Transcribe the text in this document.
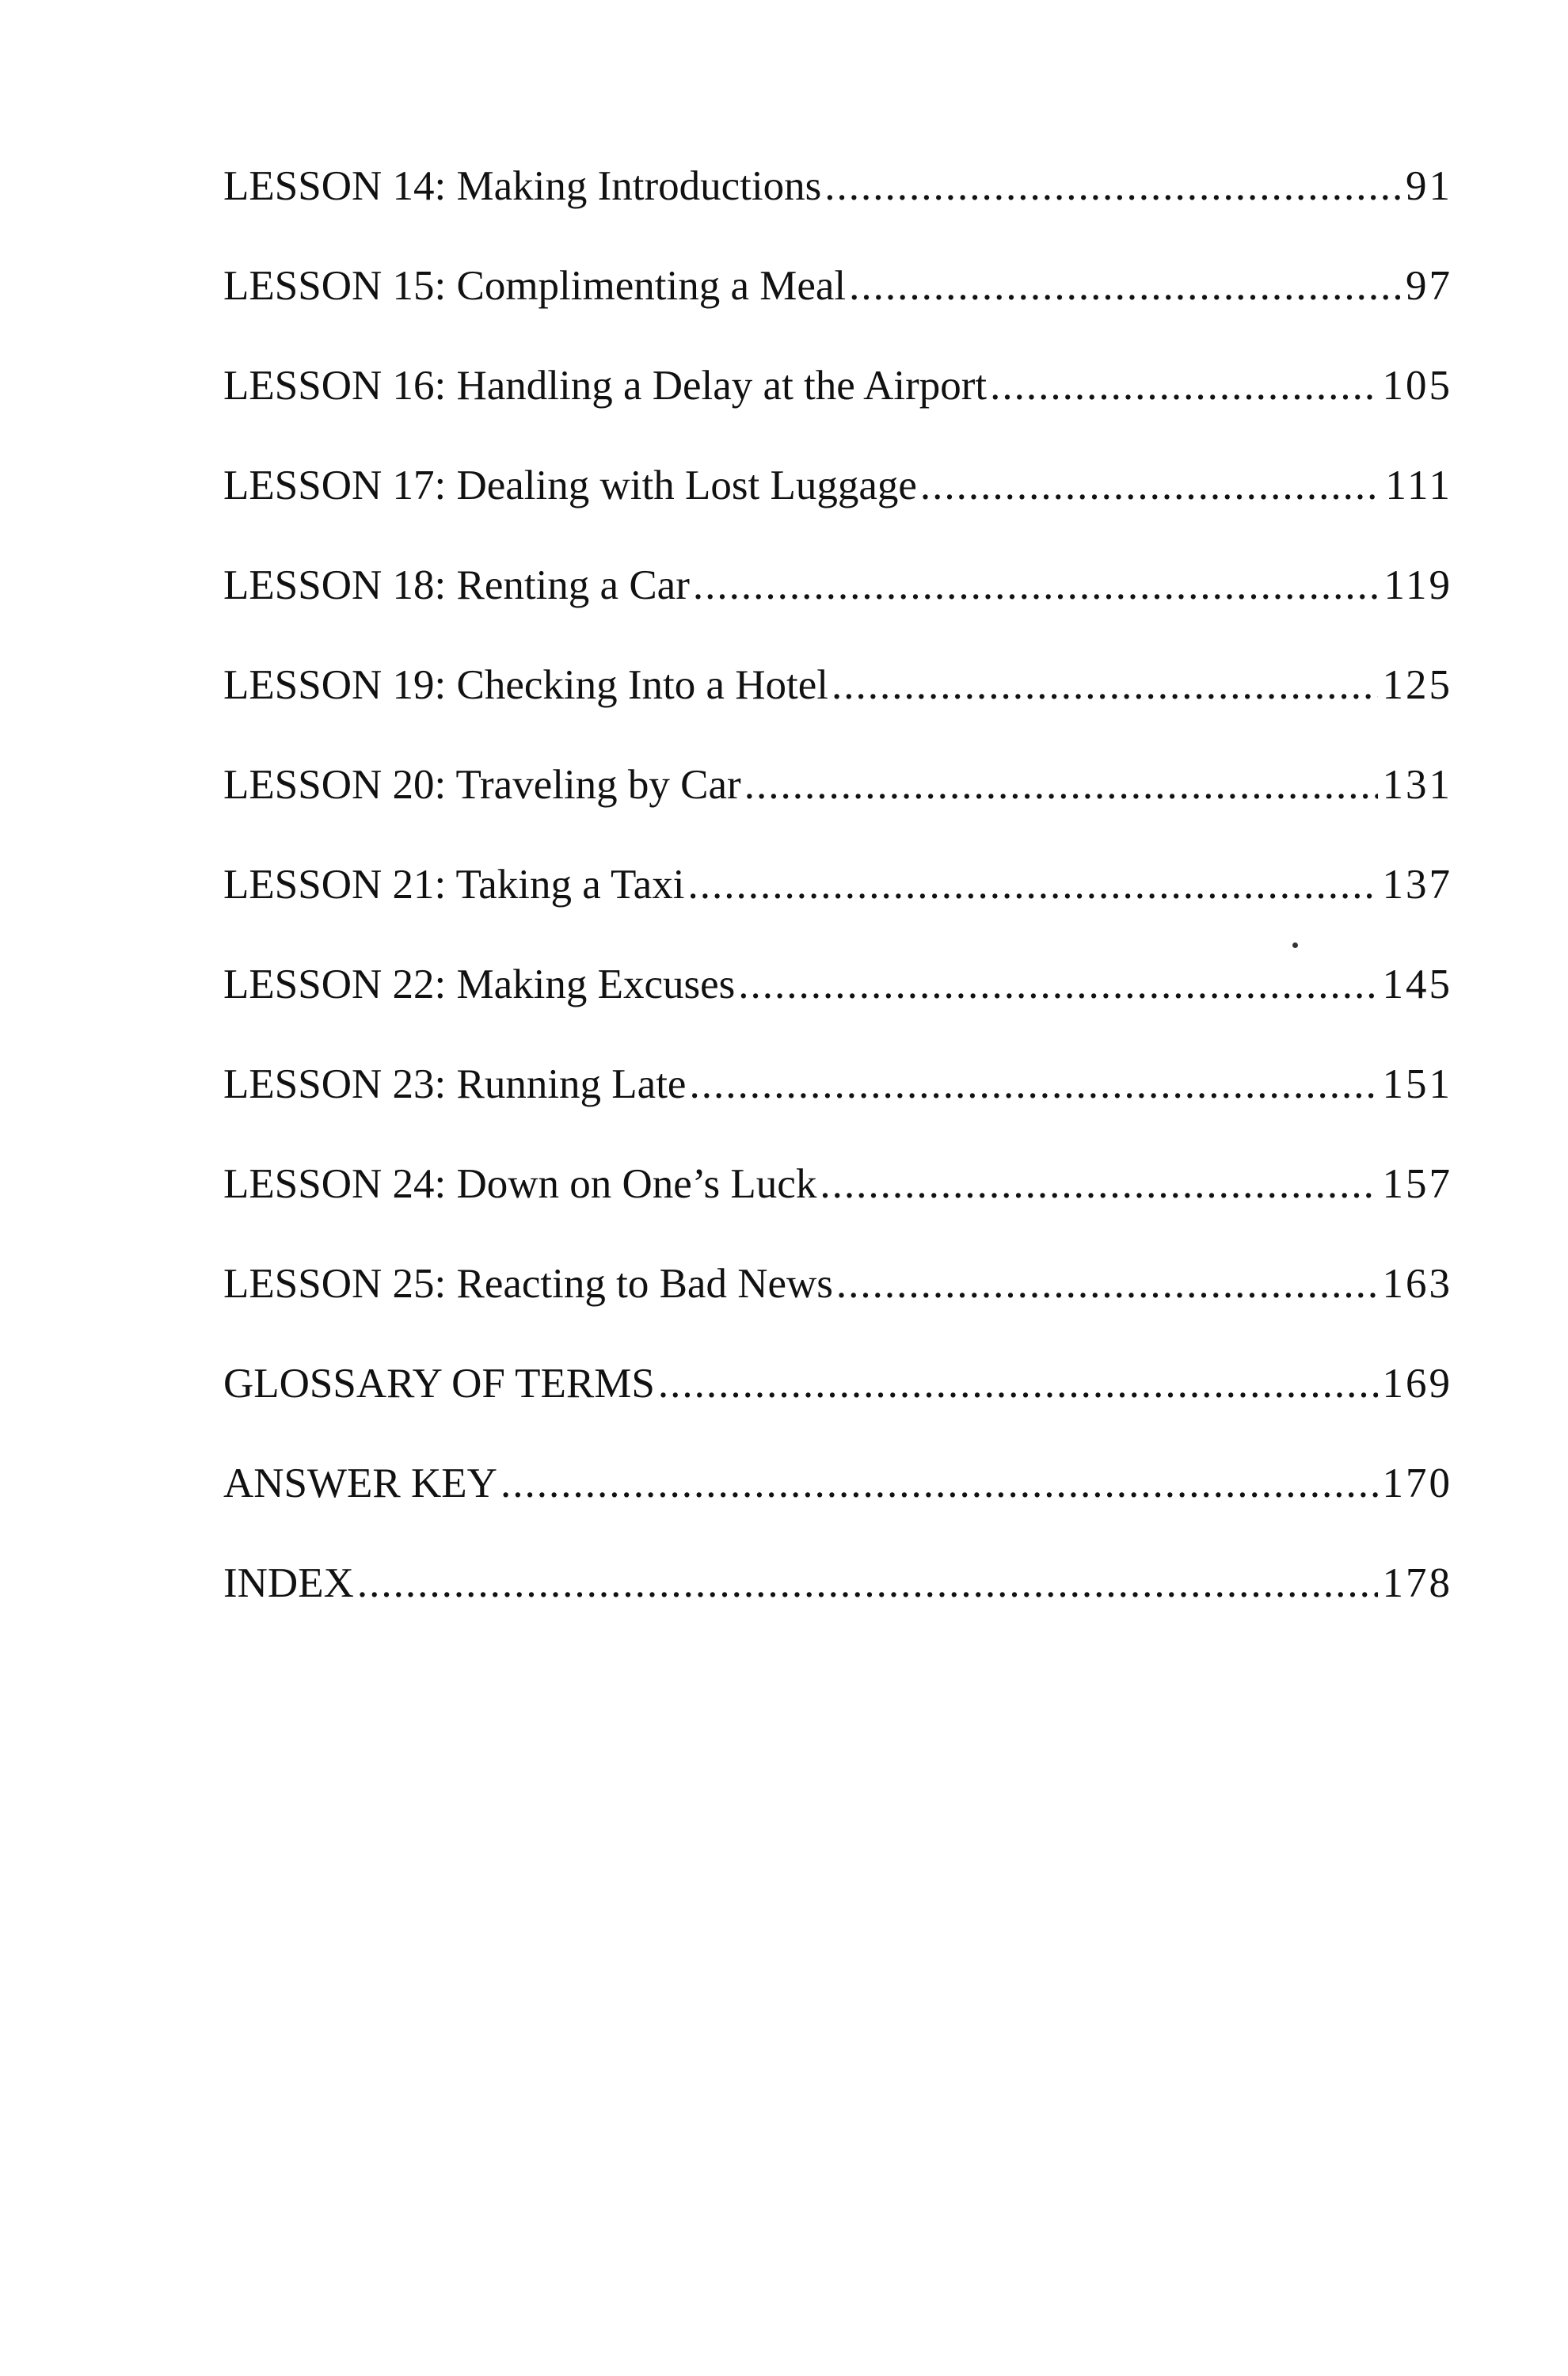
LESSON 14: Making Introductions .....	91
LESSON 15: Complimenting a Meal .....	97
LESSON 16: Handling a Delay at the Airport .....	105
LESSON 17: Dealing with Lost Luggage .....	111
LESSON 18: Renting a Car .....	119
LESSON 19: Checking Into a Hotel .....	125
LESSON 20: Traveling by Car .....	131
LESSON 21: Taking a Taxi .....	137
LESSON 22: Making Excuses .....	145
LESSON 23: Running Late .....	151
LESSON 24: Down on One’s Luck .....	157
LESSON 25: Reacting to Bad News .....	163
GLOSSARY OF TERMS .....	169
ANSWER KEY .....	170
INDEX .....	178
